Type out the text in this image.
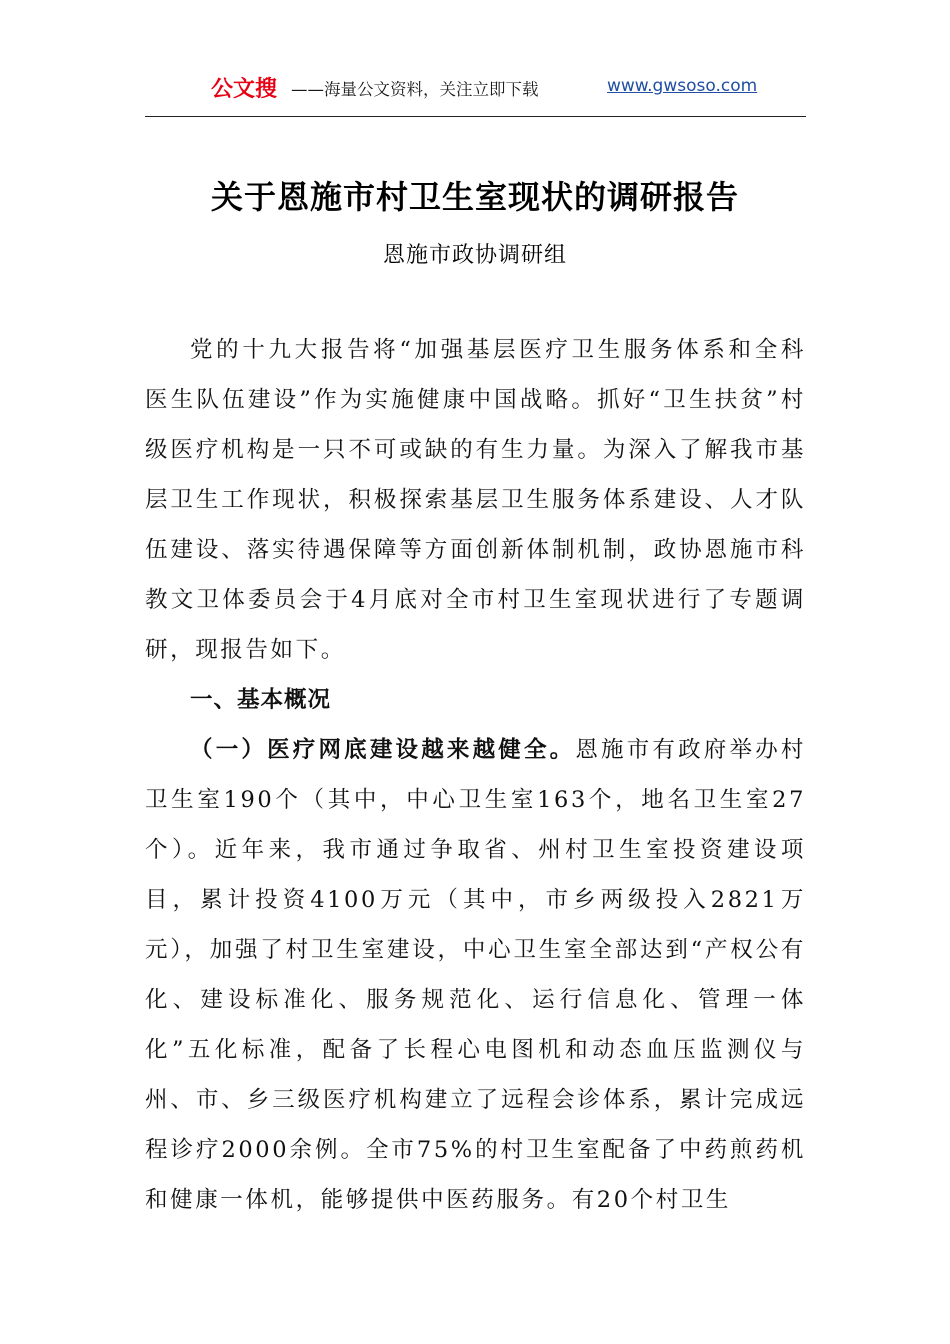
公文搜 ——海量公文资料，关注立即下载	www.gwsoso.com
关于恩施市村卫生室现状的调研报告
恩施市政协调研组

党的十九大报告将“加强基层医疗卫生服务体系和全科医生队伍建设”作为实施健康中国战略。抓好“卫生扶贫”村级医疗机构是一只不可或缺的有生力量。为深入了解我市基层卫生工作现状，积极探索基层卫生服务体系建设、人才队伍建设、落实待遇保障等方面创新体制机制，政协恩施市科教文卫体委员会于4月底对全市村卫生室现状进行了专题调研，现报告如下。

一、基本概况

（一）医疗网底建设越来越健全。恩施市有政府举办村卫生室190个（其中，中心卫生室163个，地名卫生室27个）。近年来，我市通过争取省、州村卫生室投资建设项目，累计投资4100万元（其中，市乡两级投入2821万元），加强了村卫生室建设，中心卫生室全部达到“产权公有化、建设标准化、服务规范化、运行信息化、管理一体化”五化标准，配备了长程心电图机和动态血压监测仪与州、市、乡三级医疗机构建立了远程会诊体系，累计完成远程诊疗2000余例。全市75%的村卫生室配备了中药煎药机和健康一体机，能够提供中医药服务。有20个村卫生
